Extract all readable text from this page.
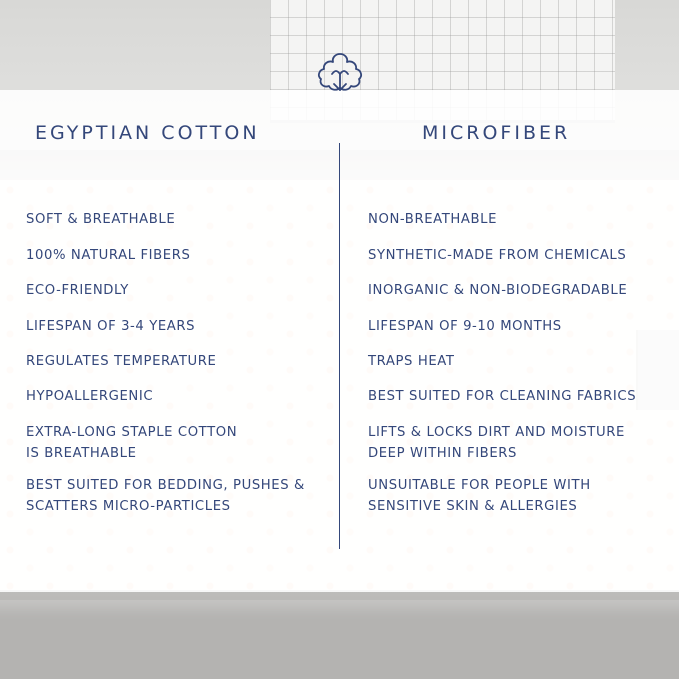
EGYPTIAN COTTON	MICROFIBER
SOFT & BREATHABLE
100% NATURAL FIBERS
ECO-FRIENDLY
LIFESPAN OF 3-4 YEARS
REGULATES TEMPERATURE
HYPOALLERGENIC
EXTRA-LONG STAPLE COTTON
IS BREATHABLE
BEST SUITED FOR BEDDING, PUSHES &
SCATTERS MICRO-PARTICLES
NON-BREATHABLE
SYNTHETIC-MADE FROM CHEMICALS
INORGANIC & NON-BIODEGRADABLE
LIFESPAN OF 9-10 MONTHS
TRAPS HEAT
BEST SUITED FOR CLEANING FABRICS
LIFTS & LOCKS DIRT AND MOISTURE
DEEP WITHIN FIBERS
UNSUITABLE FOR PEOPLE WITH
SENSITIVE SKIN & ALLERGIES
